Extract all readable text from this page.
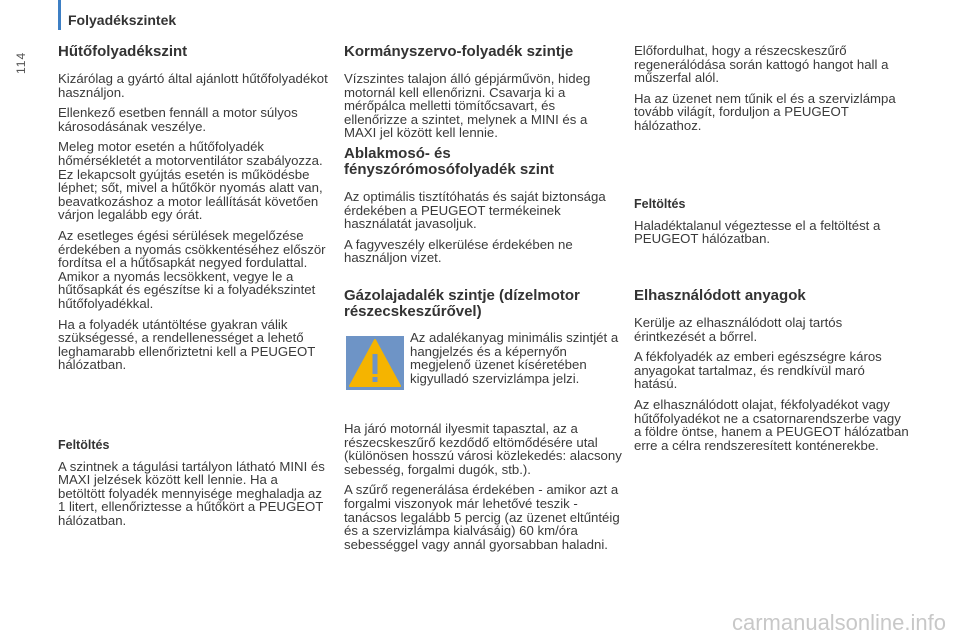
114
Folyadékszintek
Hűtőfolyadékszint

Kizárólag a gyártó által ajánlott hűtőfolyadékot használjon.

Ellenkező esetben fennáll a motor súlyos károsodásának veszélye.

Meleg motor esetén a hűtőfolyadék hőmérsékletét a motorventilátor szabályozza. Ez lekapcsolt gyújtás esetén is működésbe léphet; sőt, mivel a hűtőkör nyomás alatt van, beavatkozáshoz a motor leállítását követően várjon legalább egy órát.

Az esetleges égési sérülések megelőzése érdekében a nyomás csökkentéséhez először fordítsa el a hűtősapkát negyed fordulattal. Amikor a nyomás lecsökkent, vegye le a hűtősapkát és egészítse ki a folyadékszintet hűtőfolyadékkal.

Ha a folyadék utántöltése gyakran válik szükségessé, a rendellenességet a lehető leghamarabb ellenőriztetni kell a PEUGEOT hálózatban.

Feltöltés

A szintnek a tágulási tartályon látható MINI és MAXI jelzések között kell lennie. Ha a betöltött folyadék mennyisége meghaladja az 1 litert, ellenőriztesse a hűtőkört a PEUGEOT hálózatban.

Kormányszervo-folyadék szintje

Vízszintes talajon álló gépjárművön, hideg motornál kell ellenőrizni. Csavarja ki a mérőpálca melletti tömítőcsavart, és ellenőrizze a szintet, melynek a MINI és a MAXI jel között kell lennie.

Ablakmosó- és fényszórómosófolyadék szint

Az optimális tisztítóhatás és saját biztonsága érdekében a PEUGEOT termékeinek használatát javasoljuk.

A fagyveszély elkerülése érdekében ne használjon vizet.

Gázolajadalék szintje (dízelmotor részecskeszűrővel)
Az adalékanyag minimális szintjét a hangjelzés és a képernyőn megjelenő üzenet kíséretében kigyulladó szervizlámpa jelzi.

Ha járó motornál ilyesmit tapasztal, az a részecskeszűrő kezdődő eltömődésére utal (különösen hosszú városi közlekedés: alacsony sebesség, forgalmi dugók, stb.).

A szűrő regenerálása érdekében - amikor azt a forgalmi viszonyok már lehetővé teszik - tanácsos legalább 5 percig (az üzenet eltűntéig és a szervizlámpa kialvásáig) 60 km/óra sebességgel vagy annál gyorsabban haladni.

Előfordulhat, hogy a részecskeszűrő regenerálódása során kattogó hangot hall a műszerfal alól.

Ha az üzenet nem tűnik el és a szervizlámpa tovább világít, forduljon a PEUGEOT hálózathoz.

Feltöltés

Haladéktalanul végeztesse el a feltöltést a PEUGEOT hálózatban.

Elhasználódott anyagok

Kerülje az elhasználódott olaj tartós érintkezését a bőrrel.

A fékfolyadék az emberi egészségre káros anyagokat tartalmaz, és rendkívül maró hatású.

Az elhasználódott olajat, fékfolyadékot vagy hűtőfolyadékot ne a csatornarendszerbe vagy a földre öntse, hanem a PEUGEOT hálózatban erre a célra rendszeresített konténerekbe.

carmanualsonline.info
